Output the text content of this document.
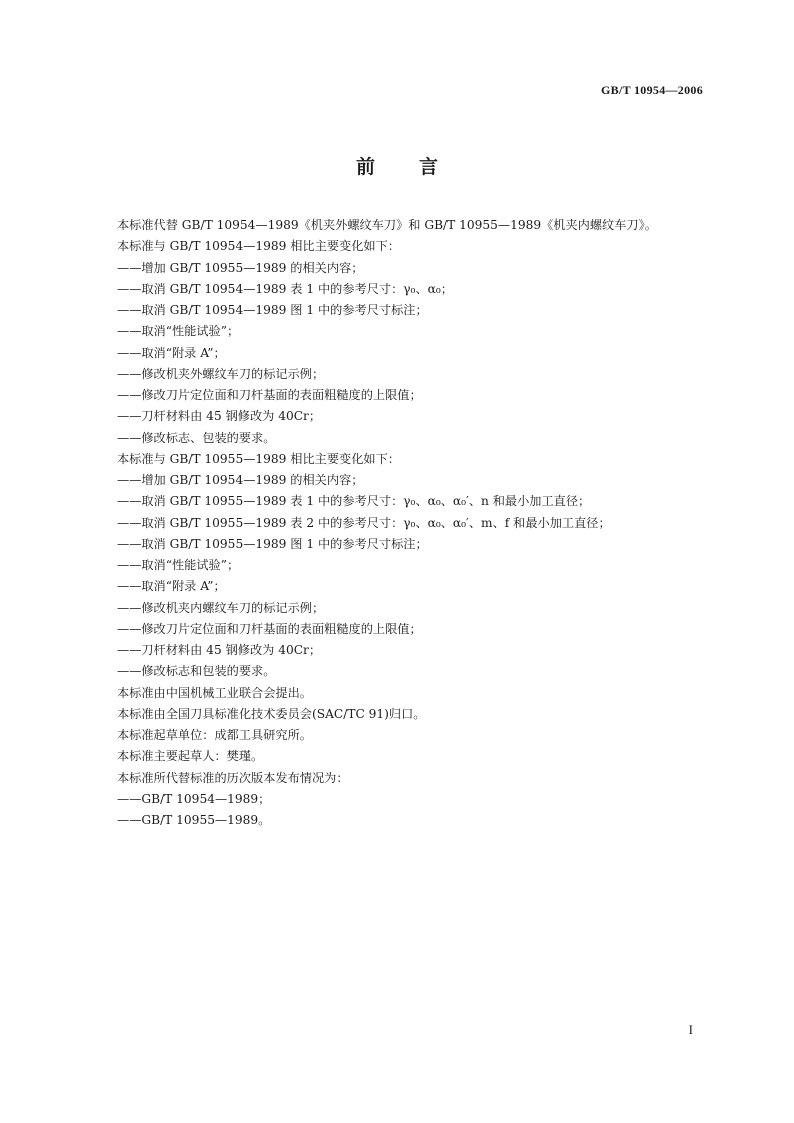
GB/T 10954—2006
前言
本标准代替 GB/T 10954—1989《机夹外螺纹车刀》和 GB/T 10955—1989《机夹内螺纹车刀》。
本标准与 GB/T 10954—1989 相比主要变化如下：
——增加 GB/T 10955—1989 的相关内容；
——取消 GB/T 10954—1989 表 1 中的参考尺寸：γ₀、α₀；
——取消 GB/T 10954—1989 图 1 中的参考尺寸标注；
——取消“性能试验”；
——取消“附录 A”；
——修改机夹外螺纹车刀的标记示例；
——修改刀片定位面和刀杆基面的表面粗糙度的上限值；
——刀杆材料由 45 钢修改为 40Cr；
——修改标志、包装的要求。
本标准与 GB/T 10955—1989 相比主要变化如下：
——增加 GB/T 10954—1989 的相关内容；
——取消 GB/T 10955—1989 表 1 中的参考尺寸：γ₀、α₀、α₀′、n 和最小加工直径；
——取消 GB/T 10955—1989 表 2 中的参考尺寸：γ₀、α₀、α₀′、m、f 和最小加工直径；
——取消 GB/T 10955—1989 图 1 中的参考尺寸标注；
——取消“性能试验”；
——取消“附录 A”；
——修改机夹内螺纹车刀的标记示例；
——修改刀片定位面和刀杆基面的表面粗糙度的上限值；
——刀杆材料由 45 钢修改为 40Cr；
——修改标志和包装的要求。
本标准由中国机械工业联合会提出。
本标准由全国刀具标准化技术委员会(SAC/TC 91)归口。
本标准起草单位：成都工具研究所。
本标准主要起草人：樊瑾。
本标准所代替标准的历次版本发布情况为：
——GB/T 10954—1989；
——GB/T 10955—1989。
I
